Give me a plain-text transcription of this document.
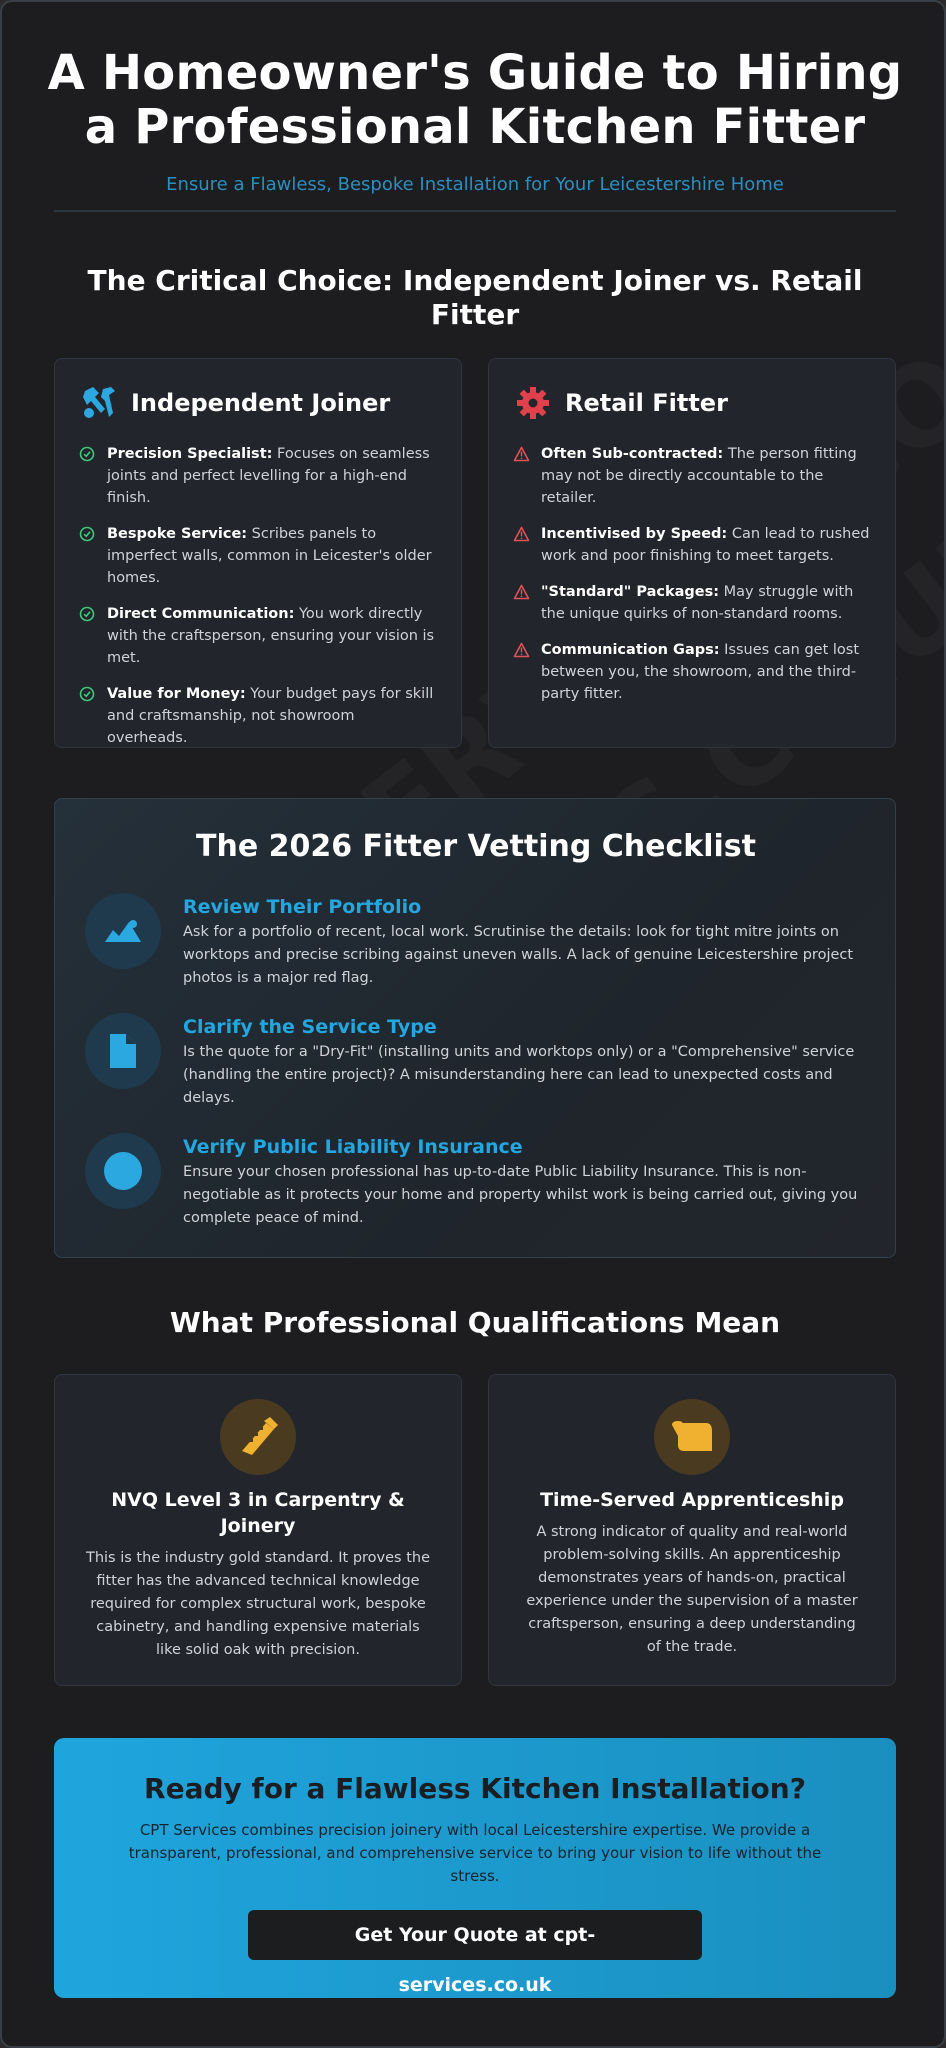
A Homeowner's Guide to Hiring
a Professional Kitchen Fitter
Ensure a Flawless, Bespoke Installation for Your Leicestershire Home
The Critical Choice: Independent Joiner vs. Retail
Fitter
Independent Joiner
Precision Specialist: Focuses on seamless joints and perfect levelling for a high-end finish.
Bespoke Service: Scribes panels to imperfect walls, common in Leicester's older homes.
Direct Communication: You work directly with the craftsperson, ensuring your vision is met.
Value for Money: Your budget pays for skill and craftsmanship, not showroom overheads.
Retail Fitter
Often Sub-contracted: The person fitting may not be directly accountable to the retailer.
Incentivised by Speed: Can lead to rushed work and poor finishing to meet targets.
"Standard" Packages: May struggle with the unique quirks of non-standard rooms.
Communication Gaps: Issues can get lost between you, the showroom, and the third-party fitter.
The 2026 Fitter Vetting Checklist
Review Their Portfolio

Ask for a portfolio of recent, local work. Scrutinise the details: look for tight mitre joints on worktops and precise scribing against uneven walls. A lack of genuine Leicestershire project photos is a major red flag.

Clarify the Service Type

Is the quote for a "Dry-Fit" (installing units and worktops only) or a "Comprehensive" service (handling the entire project)? A misunderstanding here can lead to unexpected costs and delays.

Verify Public Liability Insurance

Ensure your chosen professional has up-to-date Public Liability Insurance. This is non-negotiable as it protects your home and property whilst work is being carried out, giving you complete peace of mind.

What Professional Qualifications Mean
NVQ Level 3 in Carpentry &
Joinery

This is the industry gold standard. It proves the fitter has the advanced technical knowledge required for complex structural work, bespoke cabinetry, and handling expensive materials like solid oak with precision.

Time-Served Apprenticeship

A strong indicator of quality and real-world problem-solving skills. An apprenticeship demonstrates years of hands-on, practical experience under the supervision of a master craftsperson, ensuring a deep understanding of the trade.

Ready for a Flawless Kitchen Installation?

CPT Services combines precision joinery with local Leicestershire expertise. We provide a transparent, professional, and comprehensive service to bring your vision to life without the stress.

Get Your Quote at cpt-services.co.uk
